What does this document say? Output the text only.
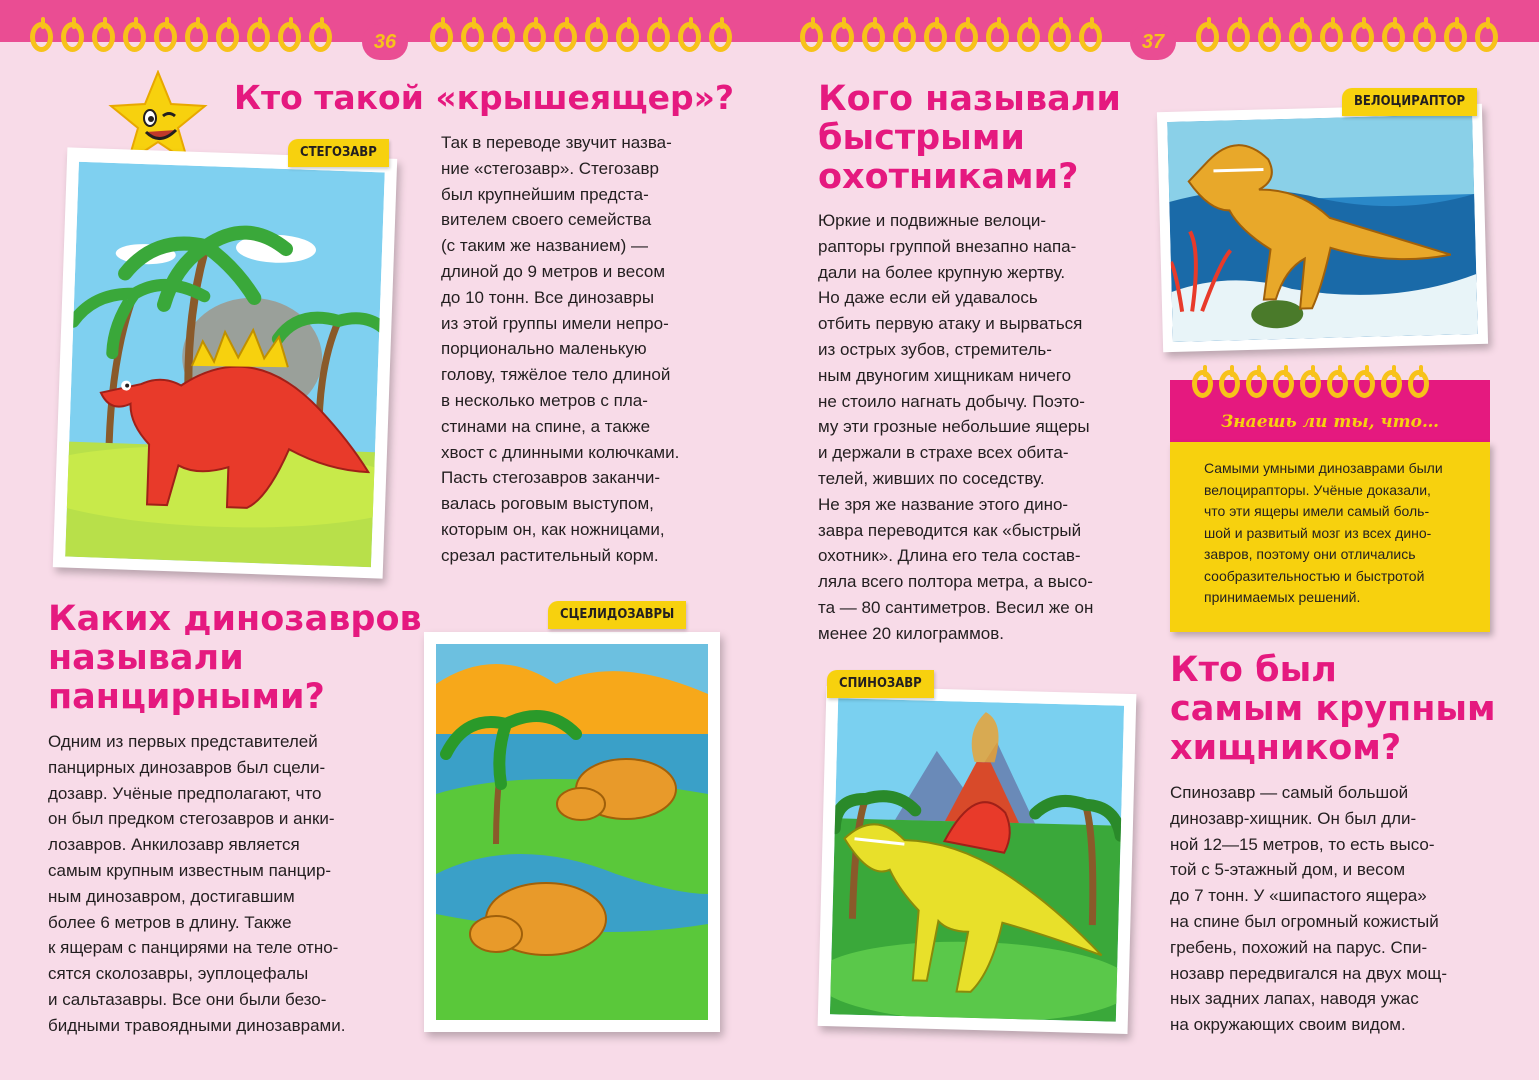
36	37
Кто такой «крышеящер»?
СТЕГОЗАВР
Так в переводе звучит назва-
ние «стегозавр». Стегозавр
был крупнейшим предста-
вителем своего семейства
(с таким же названием) —
длиной до 9 метров и весом
до 10 тонн. Все динозавры
из этой группы имели непро-
порционально маленькую
голову, тяжёлое тело длиной
в несколько метров с пла-
стинами на спине, а также
хвост с длинными колючками.
Пасть стегозавров заканчи-
валась роговым выступом,
которым он, как ножницами,
срезал растительный корм.
Каких динозавров
называли
панцирными?
Одним из первых представителей
панцирных динозавров был сцели-
дозавр. Учёные предполагают, что
он был предком стегозавров и анки-
лозавров. Анкилозавр является
самым крупным известным панцир-
ным динозавром, достигавшим
более 6 метров в длину. Также
к ящерам с панцирями на теле отно-
сятся сколозавры, эуплоцефалы
и сальтазавры. Все они были безо-
бидными травоядными динозаврами.
СЦЕЛИДОЗАВРЫ
Кого называли
быстрыми
охотниками?
Юркие и подвижные велоци-
рапторы группой внезапно напа-
дали на более крупную жертву.
Но даже если ей удавалось
отбить первую атаку и вырваться
из острых зубов, стремитель-
ным двуногим хищникам ничего
не стоило нагнать добычу. Поэто-
му эти грозные небольшие ящеры
и держали в страхе всех обита-
телей, живших по соседству.
Не зря же название этого дино-
завра переводится как «быстрый
охотник». Длина его тела состав-
ляла всего полтора метра, а высо-
та — 80 сантиметров. Весил же он
менее 20 килограммов.
ВЕЛОЦИРАПТОР
Знаешь ли ты, что…
Самыми умными динозаврами были
велоцирапторы. Учёные доказали,
что эти ящеры имели самый боль-
шой и развитый мозг из всех дино-
завров, поэтому они отличались
сообразительностью и быстротой
принимаемых решений.
СПИНОЗАВР	Кто был
самым крупным
хищником?
Спинозавр — самый большой
динозавр-хищник. Он был дли-
ной 12—15 метров, то есть высо-
той с 5-этажный дом, и весом
до 7 тонн. У «шипастого ящера»
на спине был огромный кожистый
гребень, похожий на парус. Спи-
нозавр передвигался на двух мощ-
ных задних лапах, наводя ужас
на окружающих своим видом.
